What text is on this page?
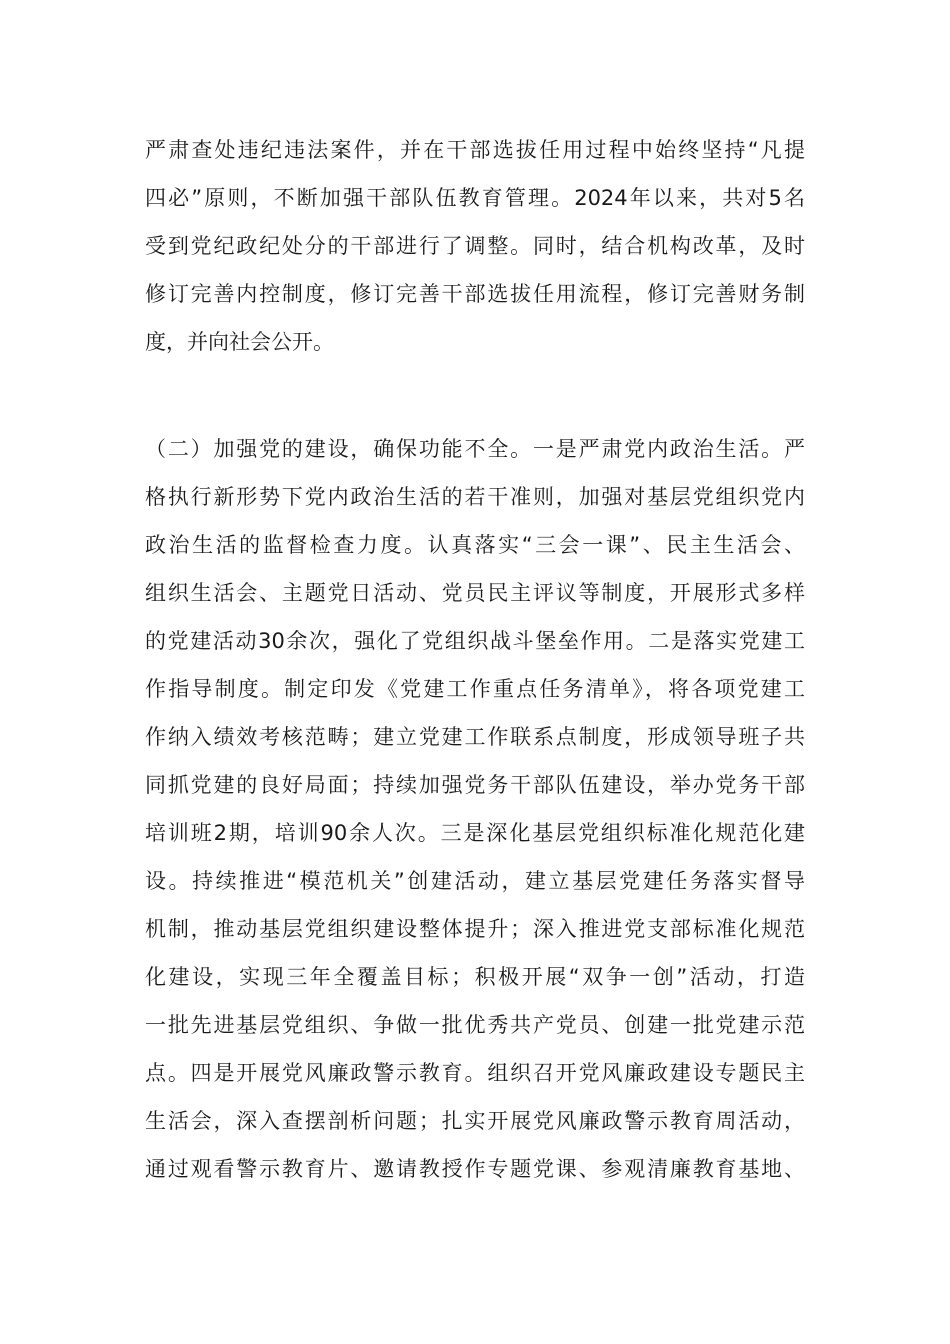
严肃查处违纪违法案件，并在干部选拔任用过程中始终坚持“凡提
四必”原则，不断加强干部队伍教育管理。2024年以来，共对5名
受到党纪政纪处分的干部进行了调整。同时，结合机构改革，及时
修订完善内控制度，修订完善干部选拔任用流程，修订完善财务制
度，并向社会公开。

（二）加强党的建设，确保功能不全。一是严肃党内政治生活。严
格执行新形势下党内政治生活的若干准则，加强对基层党组织党内
政治生活的监督检查力度。认真落实“三会一课”、民主生活会、
组织生活会、主题党日活动、党员民主评议等制度，开展形式多样
的党建活动30余次，强化了党组织战斗堡垒作用。二是落实党建工
作指导制度。制定印发《党建工作重点任务清单》，将各项党建工
作纳入绩效考核范畴；建立党建工作联系点制度，形成领导班子共
同抓党建的良好局面；持续加强党务干部队伍建设，举办党务干部
培训班2期，培训90余人次。三是深化基层党组织标准化规范化建
设。持续推进“模范机关”创建活动，建立基层党建任务落实督导
机制，推动基层党组织建设整体提升；深入推进党支部标准化规范
化建设，实现三年全覆盖目标；积极开展“双争一创”活动，打造
一批先进基层党组织、争做一批优秀共产党员、创建一批党建示范
点。四是开展党风廉政警示教育。组织召开党风廉政建设专题民主
生活会，深入查摆剖析问题；扎实开展党风廉政警示教育周活动，
通过观看警示教育片、邀请教授作专题党课、参观清廉教育基地、
